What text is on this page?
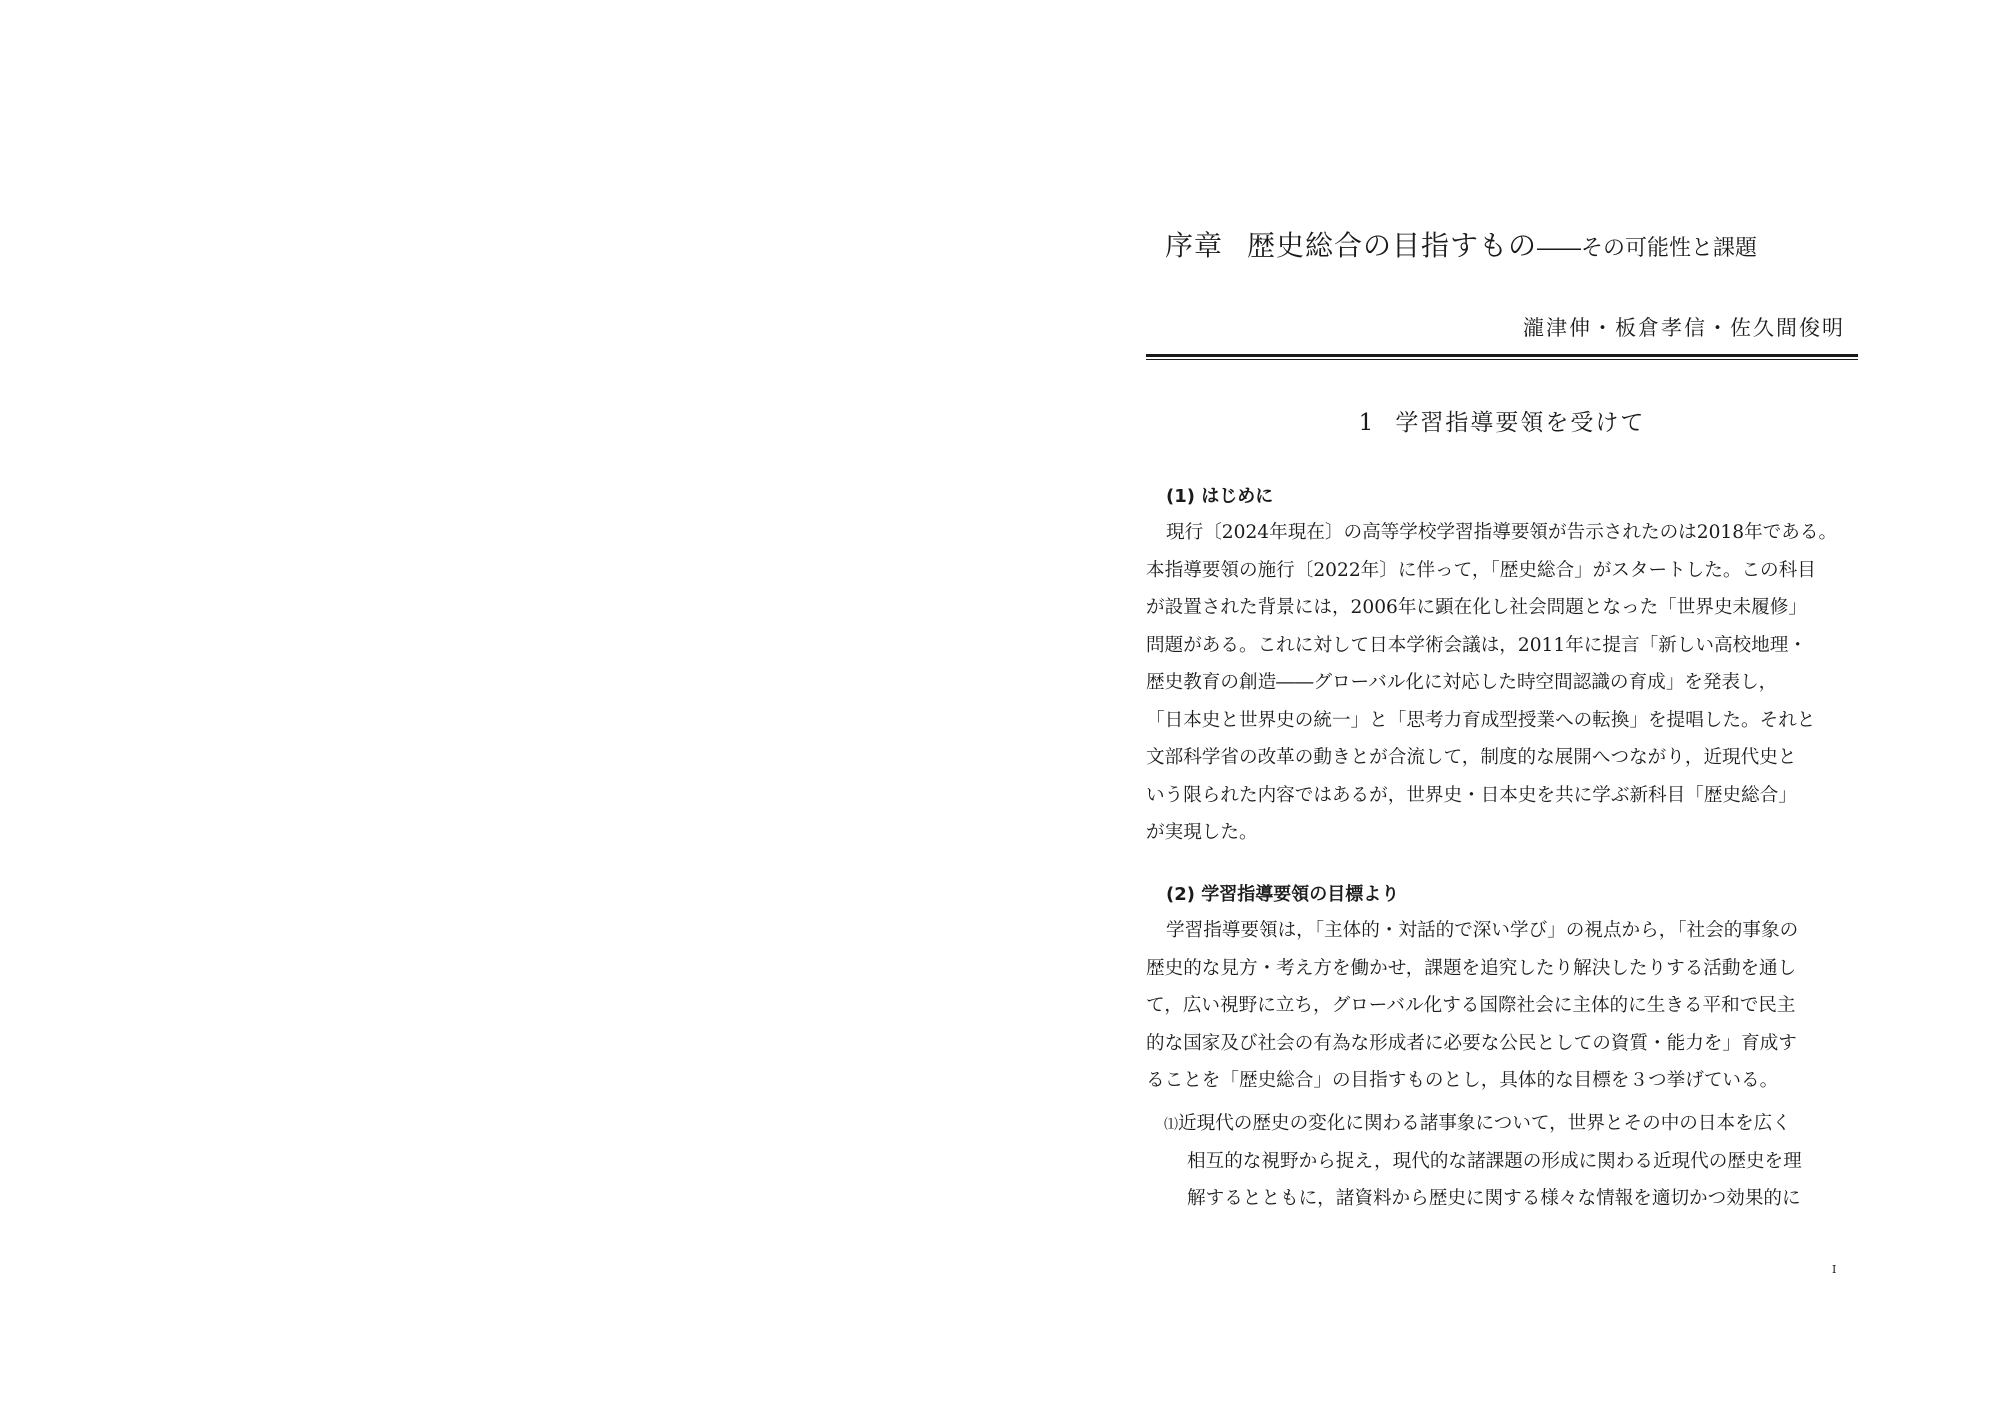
序章 歴史総合の目指すもの――その可能性と課題
瀧津伸・板倉孝信・佐久間俊明
1 学習指導要領を受けて
(1) はじめに
現行〔2024年現在〕の高等学校学習指導要領が告示されたのは2018年である。
本指導要領の施行〔2022年〕に伴って，「歴史総合」がスタートした。この科目
が設置された背景には，2006年に顕在化し社会問題となった「世界史未履修」
問題がある。これに対して日本学術会議は，2011年に提言「新しい高校地理・
歴史教育の創造――グローバル化に対応した時空間認識の育成」を発表し，
「日本史と世界史の統一」と「思考力育成型授業への転換」を提唱した。それと
文部科学省の改革の動きとが合流して，制度的な展開へつながり，近現代史と
いう限られた内容ではあるが，世界史・日本史を共に学ぶ新科目「歴史総合」
が実現した。
(2) 学習指導要領の目標より
学習指導要領は，「主体的・対話的で深い学び」の視点から，「社会的事象の
歴史的な見方・考え方を働かせ，課題を追究したり解決したりする活動を通し
て，広い視野に立ち，グローバル化する国際社会に主体的に生きる平和で民主
的な国家及び社会の有為な形成者に必要な公民としての資質・能力を」育成す
ることを「歴史総合」の目指すものとし，具体的な目標を３つ挙げている。
⑴近現代の歴史の変化に関わる諸事象について，世界とその中の日本を広く
相互的な視野から捉え，現代的な諸課題の形成に関わる近現代の歴史を理
解するとともに，諸資料から歴史に関する様々な情報を適切かつ効果的に
I
